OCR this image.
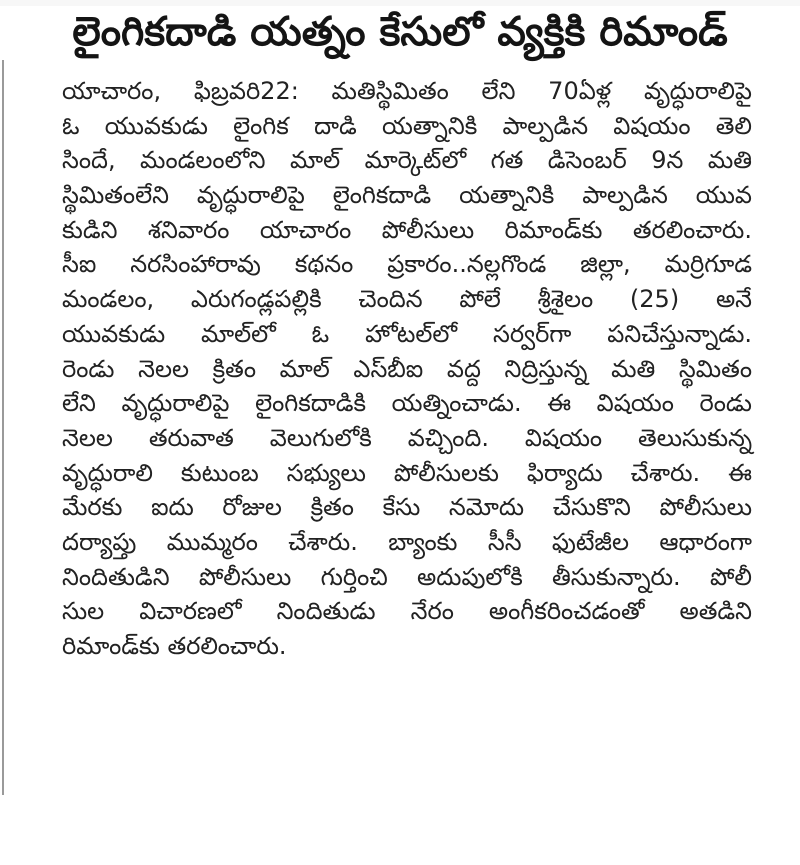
లైంగికదాడి యత్నం కేసులో వ్యక్తికి రిమాండ్
యాచారం, ఫిబ్రవరి22: మతిస్థిమితం లేని 70ఏళ్ల వృద్ధురాలిపై
ఓ యువకుడు లైంగిక దాడి యత్నానికి పాల్పడిన విషయం తెలి
సిందే, మండలంలోని మాల్ మార్కెట్‌లో గత డిసెంబర్ 9న మతి
స్థిమితంలేని వృద్ధురాలిపై లైంగికదాడి యత్నానికి పాల్పడిన యువ
కుడిని శనివారం యాచారం పోలీసులు రిమాండ్‌కు తరలించారు.
సీఐ నరసింహారావు కథనం ప్రకారం..నల్లగొండ జిల్లా, మర్రిగూడ
మండలం, ఎరుగండ్లపల్లికి చెందిన పోలే శ్రీశైలం (25) అనే
యువకుడు మాల్‌లో ఓ హోటల్‌లో సర్వర్‌గా పనిచేస్తున్నాడు.
రెండు నెలల క్రితం మాల్ ఎస్‌బీఐ వద్ద నిద్రిస్తున్న మతి స్థిమితం
లేని వృద్ధురాలిపై లైంగికదాడికి యత్నించాడు. ఈ విషయం రెండు
నెలల తరువాత వెలుగులోకి వచ్చింది. విషయం తెలుసుకున్న
వృద్ధురాలి కుటుంబ సభ్యులు పోలీసులకు ఫిర్యాదు చేశారు. ఈ
మేరకు ఐదు రోజుల క్రితం కేసు నమోదు చేసుకొని పోలీసులు
దర్యాప్తు ముమ్మరం చేశారు. బ్యాంకు సీసీ ఫుటేజీల ఆధారంగా
నిందితుడిని పోలీసులు గుర్తించి అదుపులోకి తీసుకున్నారు. పోలీ
సుల విచారణలో నిందితుడు నేరం అంగీకరించడంతో అతడిని
రిమాండ్‌కు తరలించారు.
